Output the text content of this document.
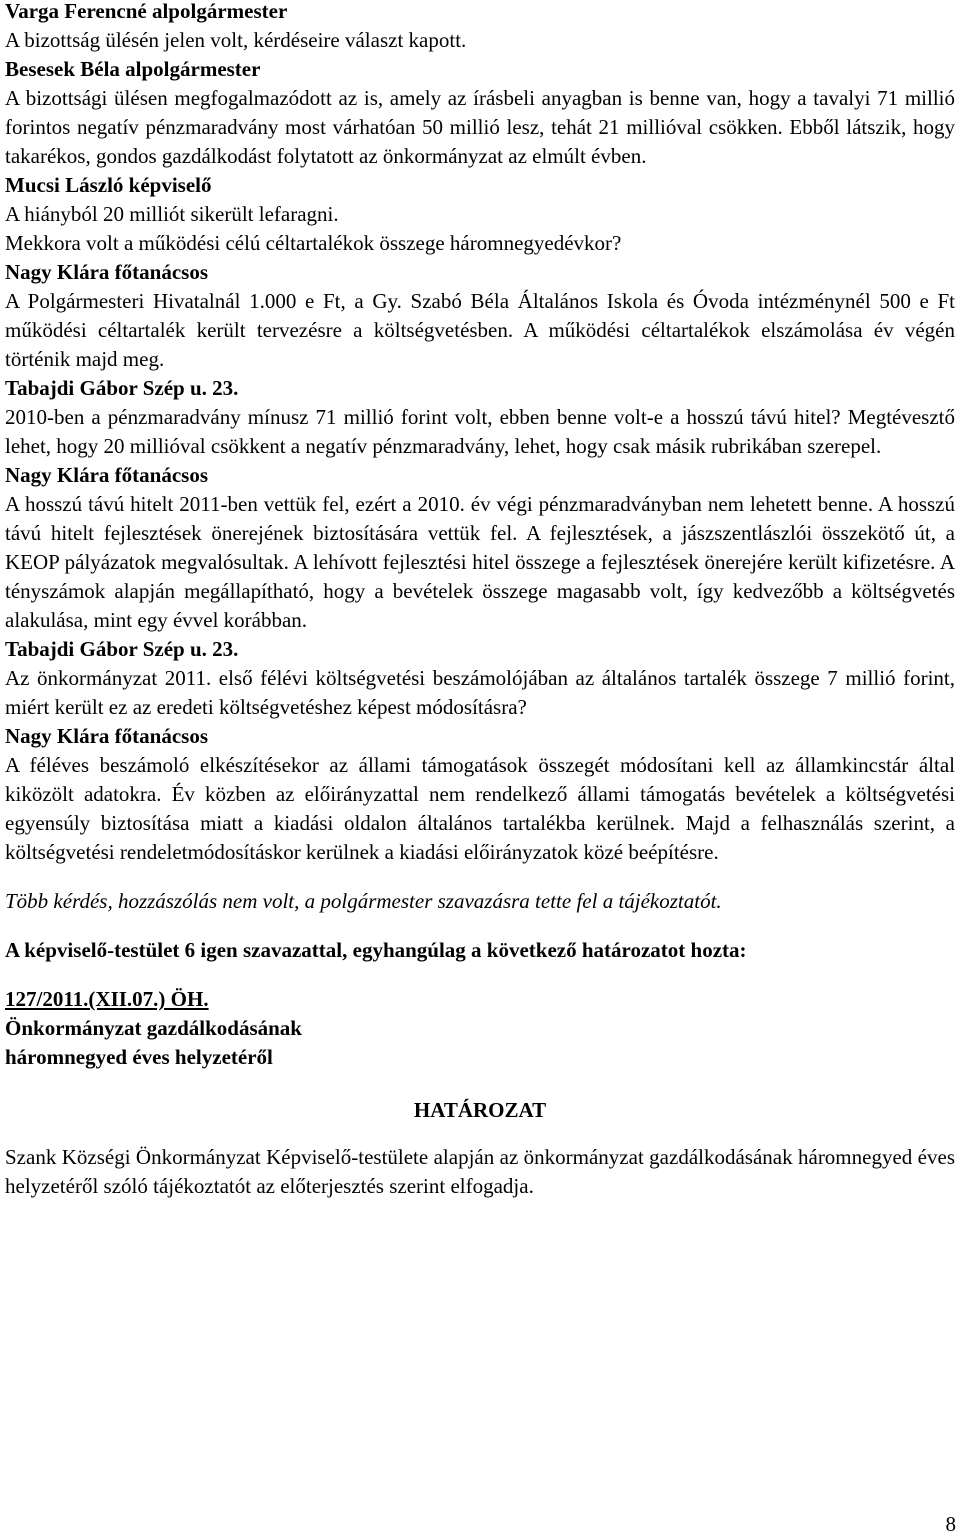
Varga Ferencné alpolgármester

A bizottság ülésén jelen volt, kérdéseire választ kapott.

Besesek Béla alpolgármester

A bizottsági ülésen megfogalmazódott az is, amely az írásbeli anyagban is benne van, hogy a tavalyi 71 millió forintos negatív pénzmaradvány most várhatóan 50 millió lesz, tehát 21 millióval csökken. Ebből látszik, hogy takarékos, gondos gazdálkodást folytatott az önkormányzat az elmúlt évben.

Mucsi László képviselő

A hiányból 20 milliót sikerült lefaragni.

Mekkora volt a működési célú céltartalékok összege háromnegyedévkor?

Nagy Klára főtanácsos

A Polgármesteri Hivatalnál 1.000 e Ft, a Gy. Szabó Béla Általános Iskola és Óvoda intézménynél 500 e Ft működési céltartalék került tervezésre a költségvetésben. A működési céltartalékok elszámolása év végén történik majd meg.

Tabajdi Gábor Szép u. 23.

2010-ben a pénzmaradvány mínusz 71 millió forint volt, ebben benne volt-e a hosszú távú hitel? Megtévesztő lehet, hogy 20 millióval csökkent a negatív pénzmaradvány, lehet, hogy csak másik rubrikában szerepel.

Nagy Klára főtanácsos

A hosszú távú hitelt 2011-ben vettük fel, ezért a 2010. év végi pénzmaradványban nem lehetett benne. A hosszú távú hitelt fejlesztések önerejének biztosítására vettük fel. A fejlesztések, a jászszentlászlói összekötő út, a KEOP pályázatok megvalósultak. A lehívott fejlesztési hitel összege a fejlesztések önerejére került kifizetésre. A tényszámok alapján megállapítható, hogy a bevételek összege magasabb volt, így kedvezőbb a költségvetés alakulása, mint egy évvel korábban.

Tabajdi Gábor Szép u. 23.

Az önkormányzat 2011. első félévi költségvetési beszámolójában az általános tartalék összege 7 millió forint, miért került ez az eredeti költségvetéshez képest módosításra?

Nagy Klára főtanácsos

A féléves beszámoló elkészítésekor az állami támogatások összegét módosítani kell az államkincstár által kiközölt adatokra. Év közben az előirányzattal nem rendelkező állami támogatás bevételek a költségvetési egyensúly biztosítása miatt a kiadási oldalon általános tartalékba kerülnek. Majd a felhasználás szerint, a költségvetési rendeletmódosításkor kerülnek a kiadási előirányzatok közé beépítésre.

Több kérdés, hozzászólás nem volt, a polgármester szavazásra tette fel a tájékoztatót.

A képviselő-testület 6 igen szavazattal, egyhangúlag a következő határozatot hozta:

127/2011.(XII.07.) ÖH.

Önkormányzat gazdálkodásának

háromnegyed éves helyzetéről

HATÁROZAT

Szank Községi Önkormányzat Képviselő-testülete alapján az önkormányzat gazdálkodásának háromnegyed éves helyzetéről szóló tájékoztatót az előterjesztés szerint elfogadja.

8
